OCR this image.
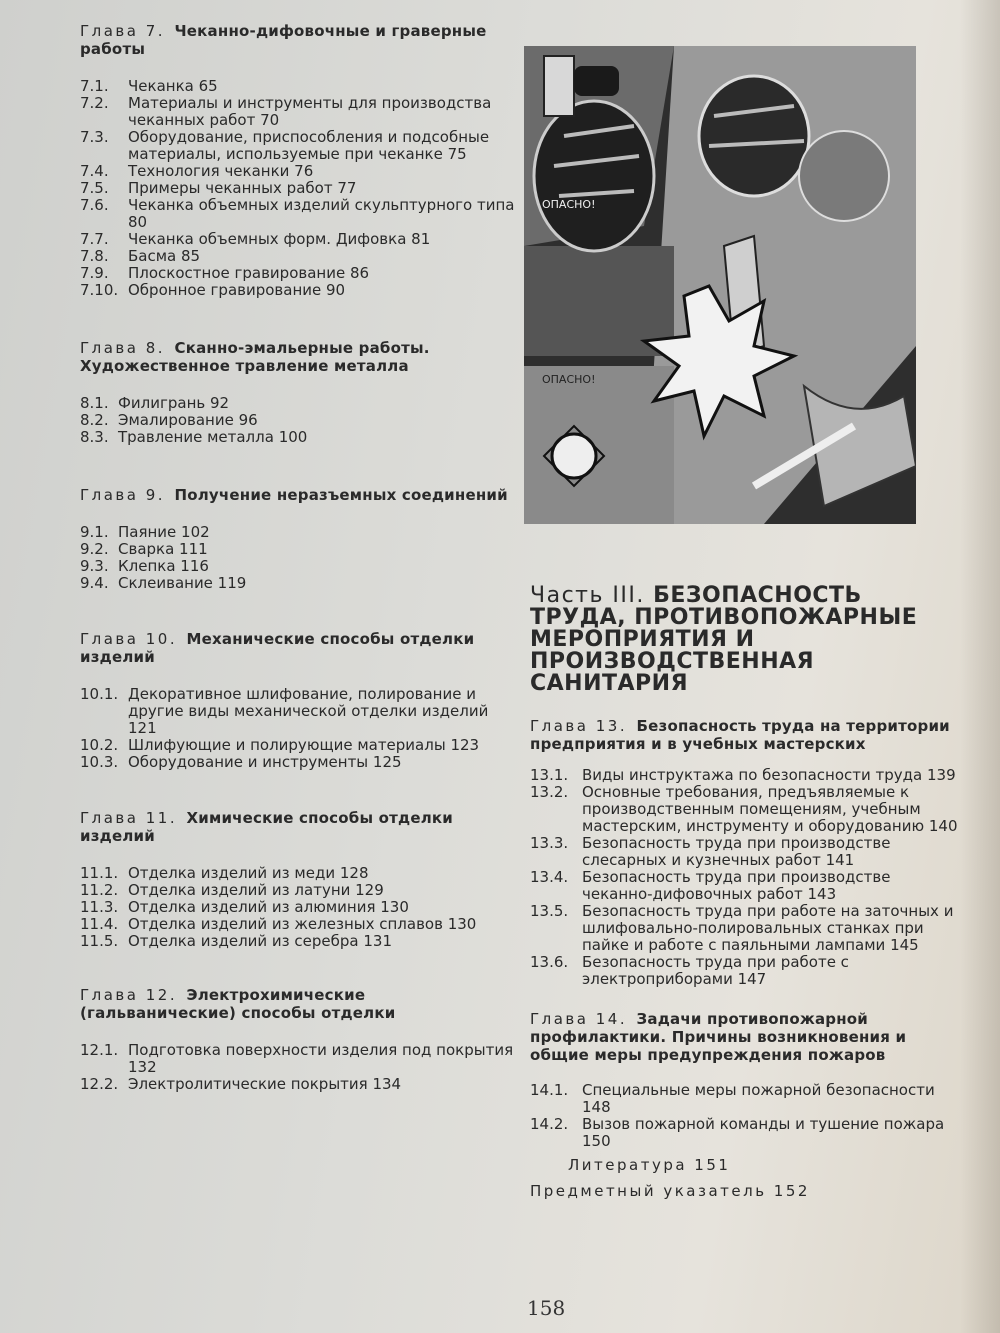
Глава 7. Чеканно-дифовочные и граверные работы
7.1.	Чеканка 65
7.2.	Материалы и инструменты для производства чеканных работ 70
7.3.	Оборудование, приспособления и подсобные материалы, используемые при чеканке 75
7.4.	Технология чеканки 76
7.5.	Примеры чеканных работ 77
7.6.	Чеканка объемных изделий скульптурного типа 80
7.7.	Чеканка объемных форм. Дифовка 81
7.8.	Басма 85
7.9.	Плоскостное гравирование 86
7.10. Обронное гравирование 90
Глава 8. Сканно-эмальерные работы. Художественное травление металла
8.1. Филигрань 92
8.2. Эмалирование 96
8.3. Травление металла 100
Глава 9. Получение неразъемных соединений
9.1. Паяние 102
9.2. Сварка 111
9.3. Клепка 116
9.4. Склеивание 119
Глава 10. Механические способы отделки изделий
10.1. Декоративное шлифование, полирование и другие виды механической отделки изделий 121
10.2. Шлифующие и полирующие материалы 123
10.3. Оборудование и инструменты 125
Глава 11. Химические способы отделки изделий
11.1. Отделка изделий из меди 128
11.2. Отделка изделий из латуни 129
11.3. Отделка изделий из алюминия 130
11.4. Отделка изделий из железных сплавов 130
11.5. Отделка изделий из серебра 131
Глава 12. Электрохимические (гальванические) способы отделки
12.1. Подготовка поверхности изделия под покрытия 132
12.2. Электролитические покрытия 134
ОПАСНО!
ОПАСНО!
Часть III. БЕЗОПАСНОСТЬ ТРУДА, ПРОТИВОПОЖАРНЫЕ МЕРОПРИЯТИЯ И ПРОИЗВОДСТВЕННАЯ САНИТАРИЯ
Глава 13. Безопасность труда на территории предприятия и в учебных мастерских
13.1. Виды инструктажа по безопасности труда 139
13.2. Основные требования, предъявляемые к производственным помещениям, учебным мастерским, инструменту и оборудованию 140
13.3. Безопасность труда при производстве слесарных и кузнечных работ 141
13.4. Безопасность труда при производстве чеканно-дифовочных работ 143
13.5. Безопасность труда при работе на заточных и шлифовально-полировальных станках при пайке и работе с паяльными лампами 145
13.6. Безопасность труда при работе с электроприборами 147
Глава 14. Задачи противопожарной профилактики. Причины возникновения и общие меры предупреждения пожаров
14.1. Специальные меры пожарной безопасности 148
14.2. Вызов пожарной команды и тушение пожара 150
Литература 151
Предметный указатель 152
158
